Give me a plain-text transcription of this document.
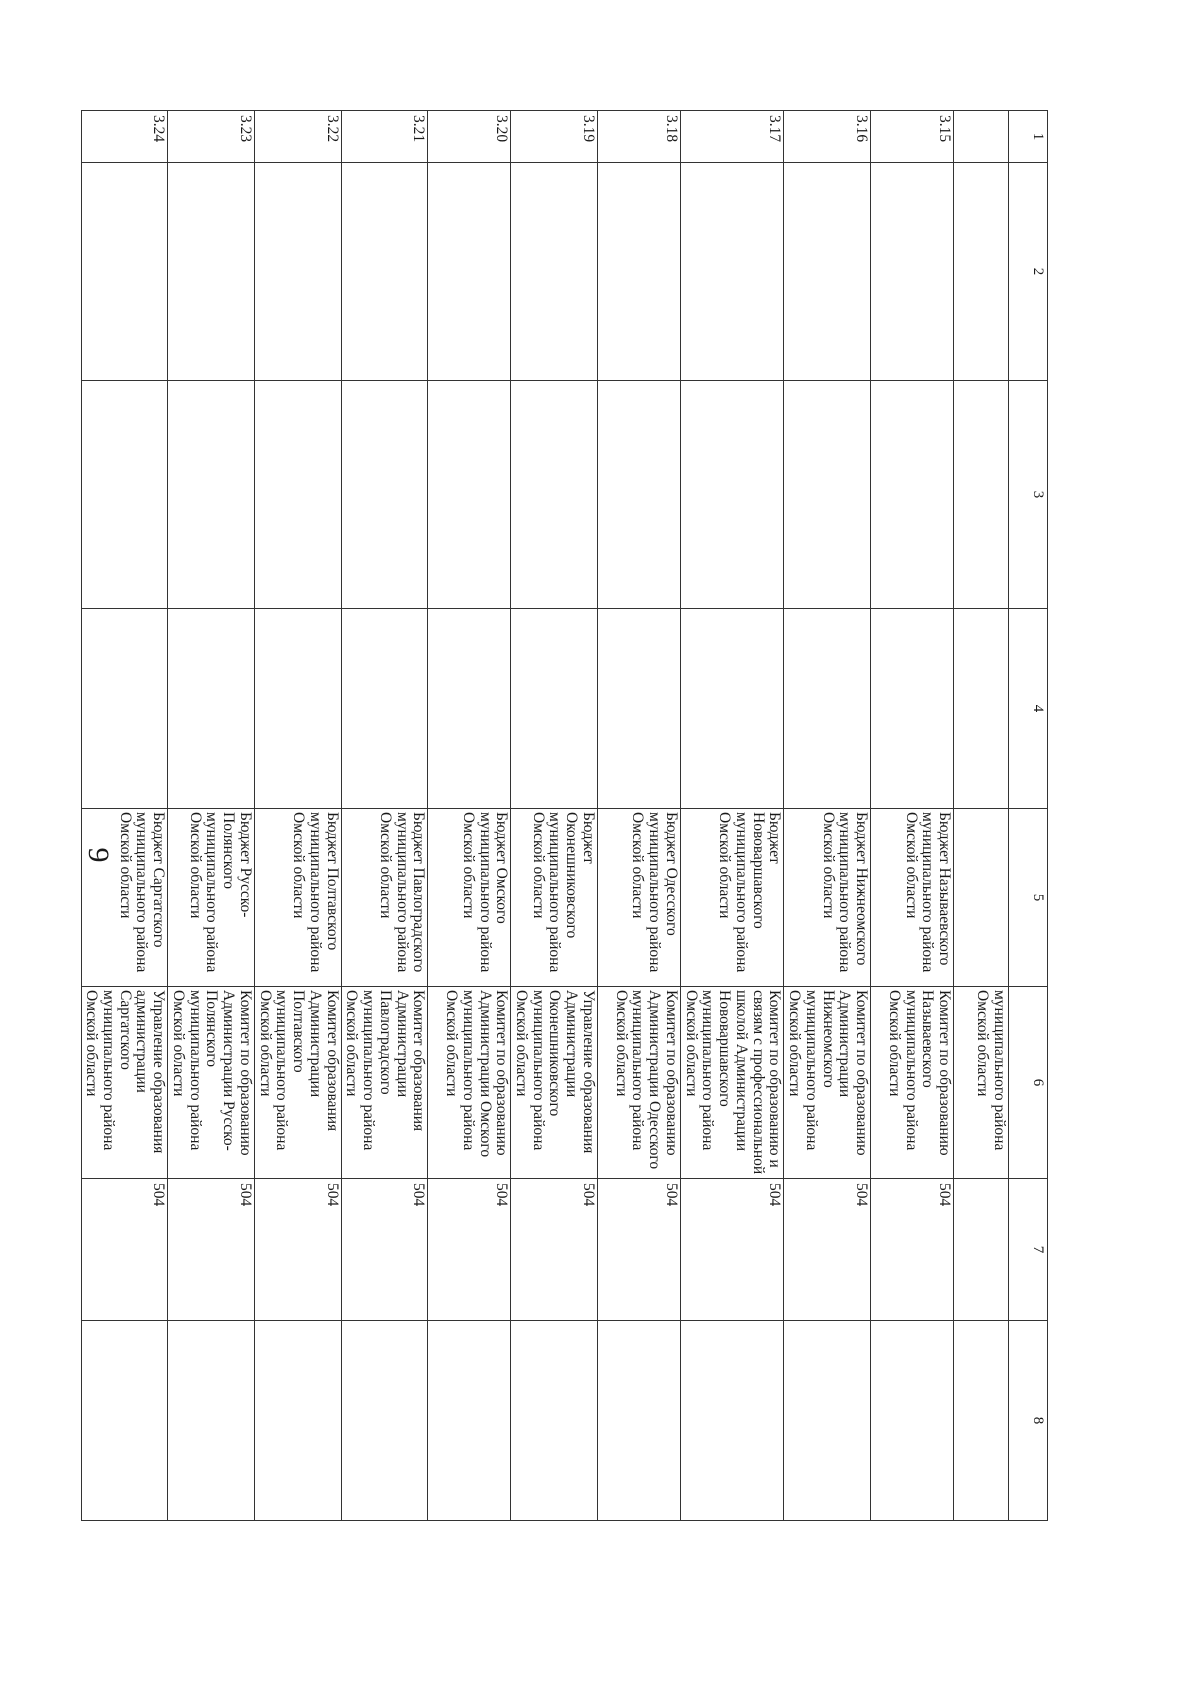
9
1	2	3	4	5	6	7	8
					муниципального района Омской области		
3.15				Бюджет Называевского муниципального района Омской области	Комитет по образованию Называевского муниципального района Омской области	504	
3.16				Бюджет Нижнеомского муниципального района Омской области	Комитет по образованию Администрации Нижнеомского муниципального района Омской области	504	
3.17				Бюджет Нововаршавского муниципального района Омской области	Комитет по образованию и связям с профессиональной школой Администрации Нововаршавского муниципального района Омской области	504	
3.18				Бюджет Одесского муниципального района Омской области	Комитет по образованию Администрации Одесского муниципального района Омской области	504	
3.19				Бюджет Оконешниковского муниципального района Омской области	Управление образования Администрации Оконешниковского муниципального района Омской области	504	
3.20				Бюджет Омского муниципального района Омской области	Комитет по образованию Администрации Омского муниципального района Омской области	504	
3.21				Бюджет Павлоградского муниципального района Омской области	Комитет образования Администрации Павлоградского муниципального района Омской области	504	
3.22				Бюджет Полтавского муниципального района Омской области	Комитет образования Администрации Полтавского муниципального района Омской области	504	
3.23				Бюджет Русско-Полянского муниципального района Омской области	Комитет по образованию Администрации Русско-Полянского муниципального района Омской области	504	
3.24				Бюджет Саргатского муниципального района Омской области	Управление образования администрации Саргатского муниципального района Омской области	504	
